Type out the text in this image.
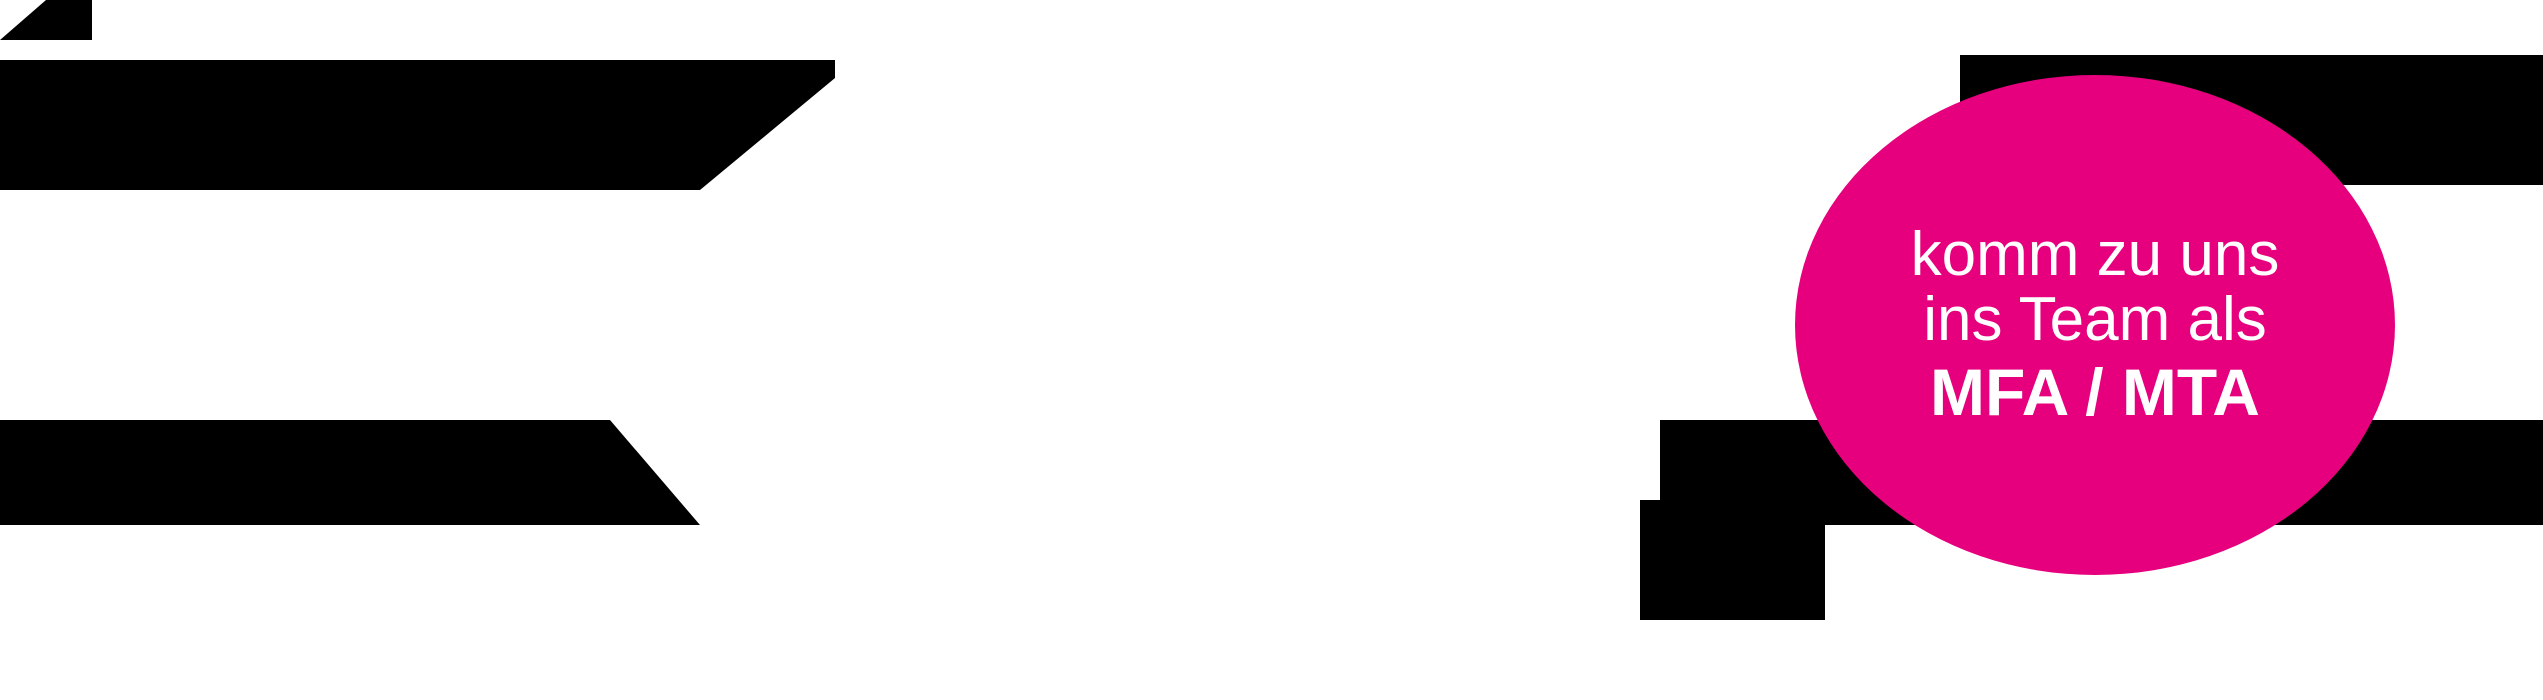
komm zu uns
ins Team als
MFA / MTA
